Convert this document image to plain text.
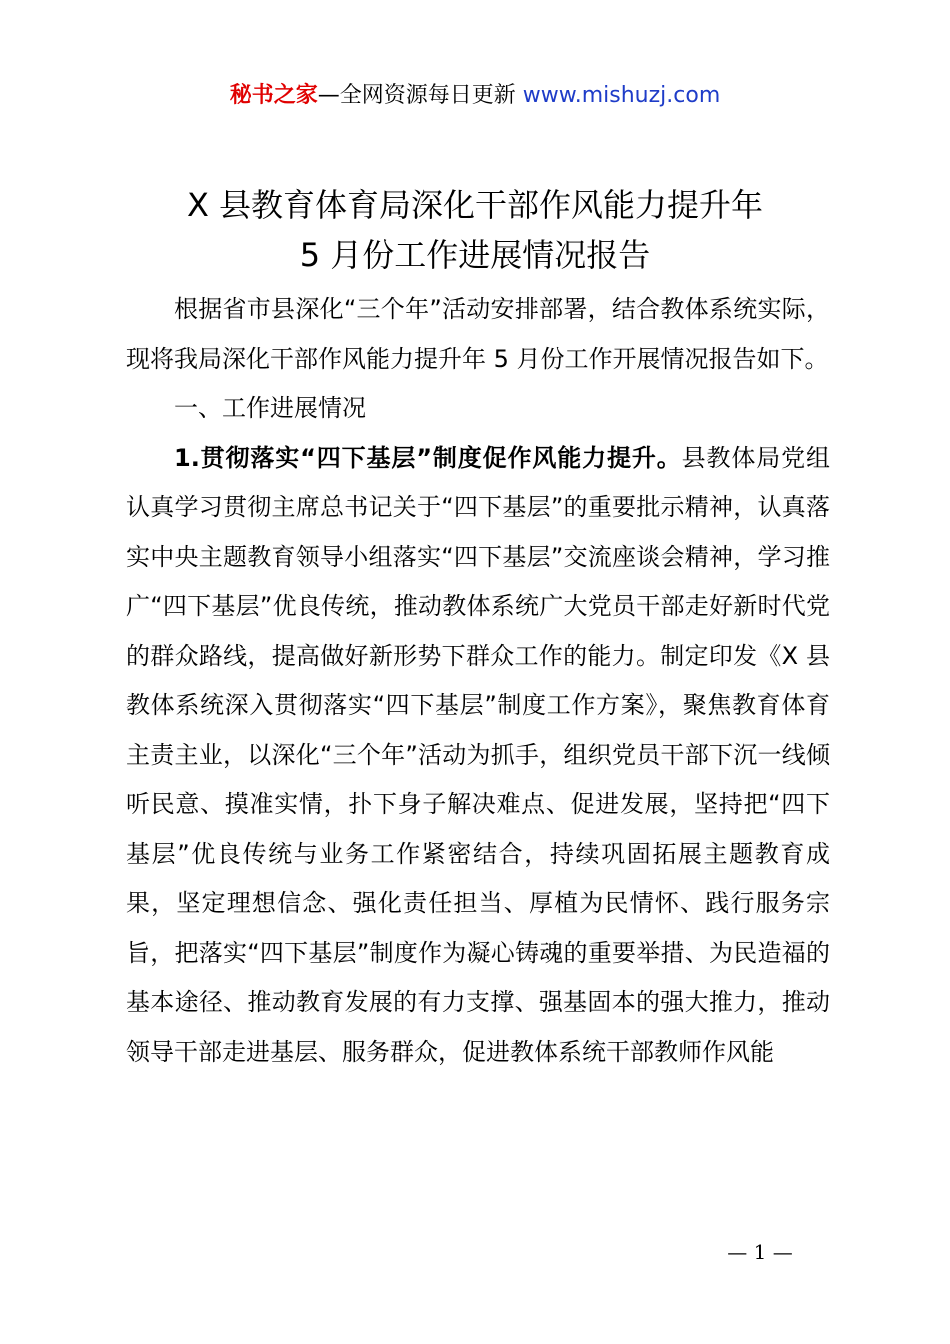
秘书之家—全网资源每日更新 www.mishuzj.com
X 县教育体育局深化干部作风能力提升年
5 月份工作进展情况报告

根据省市县深化“三个年”活动安排部署，结合教体系统实际，现将我局深化干部作风能力提升年 5 月份工作开展情况报告如下。

一、工作进展情况

1.贯彻落实“四下基层”制度促作风能力提升。县教体局党组认真学习贯彻主席总书记关于“四下基层”的重要批示精神，认真落实中央主题教育领导小组落实“四下基层”交流座谈会精神，学习推广“四下基层”优良传统，推动教体系统广大党员干部走好新时代党的群众路线，提高做好新形势下群众工作的能力。制定印发《X 县教体系统深入贯彻落实“四下基层”制度工作方案》，聚焦教育体育主责主业，以深化“三个年”活动为抓手，组织党员干部下沉一线倾听民意、摸准实情，扑下身子解决难点、促进发展，坚持把“四下基层”优良传统与业务工作紧密结合，持续巩固拓展主题教育成果，坚定理想信念、强化责任担当、厚植为民情怀、践行服务宗旨，把落实“四下基层”制度作为凝心铸魂的重要举措、为民造福的基本途径、推动教育发展的有力支撑、强基固本的强大推力，推动领导干部走进基层、服务群众，促进教体系统干部教师作风能

— 1 —
